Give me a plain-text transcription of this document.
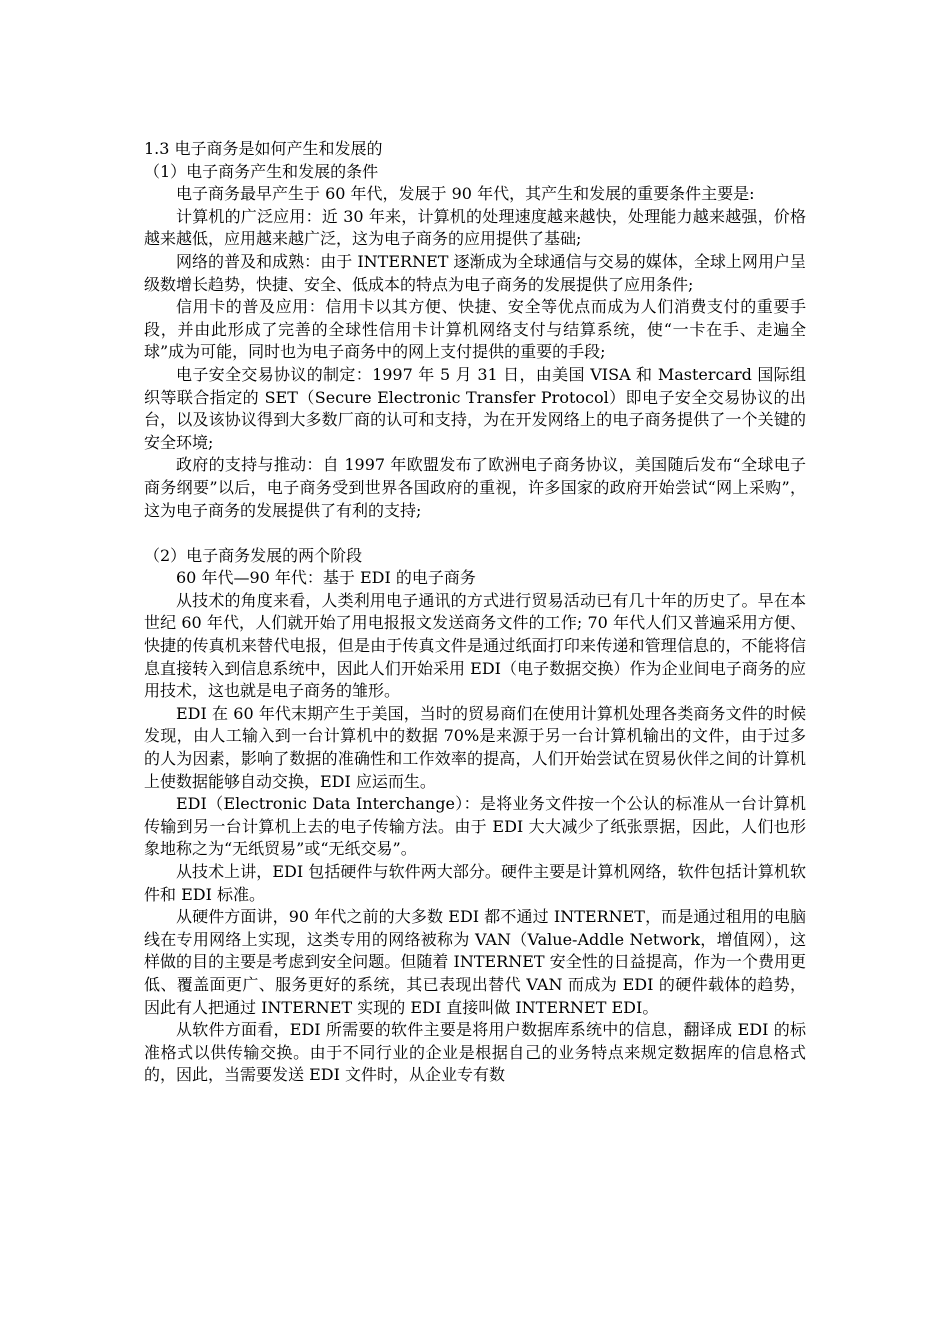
1.3 电子商务是如何产生和发展的

（1）电子商务产生和发展的条件

电子商务最早产生于 60 年代，发展于 90 年代，其产生和发展的重要条件主要是:

计算机的广泛应用：近 30 年来，计算机的处理速度越来越快，处理能力越来越强，价格越来越低，应用越来越广泛，这为电子商务的应用提供了基础;

网络的普及和成熟：由于 INTERNET 逐渐成为全球通信与交易的媒体，全球上网用户呈级数增长趋势，快捷、安全、低成本的特点为电子商务的发展提供了应用条件;

信用卡的普及应用：信用卡以其方便、快捷、安全等优点而成为人们消费支付的重要手段，并由此形成了完善的全球性信用卡计算机网络支付与结算系统，使“一卡在手、走遍全球”成为可能，同时也为电子商务中的网上支付提供的重要的手段;

电子安全交易协议的制定：1997 年 5 月 31 日，由美国 VISA 和 Mastercard 国际组织等联合指定的 SET（Secure Electronic Transfer Protocol）即电子安全交易协议的出台，以及该协议得到大多数厂商的认可和支持，为在开发网络上的电子商务提供了一个关键的安全环境;

政府的支持与推动：自 1997 年欧盟发布了欧洲电子商务协议，美国随后发布“全球电子商务纲要”以后，电子商务受到世界各国政府的重视，许多国家的政府开始尝试“网上采购”，这为电子商务的发展提供了有利的支持;

（2）电子商务发展的两个阶段

60 年代—90 年代：基于 EDI 的电子商务

从技术的角度来看，人类利用电子通讯的方式进行贸易活动已有几十年的历史了。早在本世纪 60 年代，人们就开始了用电报报文发送商务文件的工作; 70 年代人们又普遍采用方便、快捷的传真机来替代电报，但是由于传真文件是通过纸面打印来传递和管理信息的，不能将信息直接转入到信息系统中，因此人们开始采用 EDI（电子数据交换）作为企业间电子商务的应用技术，这也就是电子商务的雏形。

EDI 在 60 年代末期产生于美国，当时的贸易商们在使用计算机处理各类商务文件的时候发现，由人工输入到一台计算机中的数据 70%是来源于另一台计算机输出的文件，由于过多的人为因素，影响了数据的准确性和工作效率的提高，人们开始尝试在贸易伙伴之间的计算机上使数据能够自动交换，EDI 应运而生。

EDI（Electronic Data Interchange）：是将业务文件按一个公认的标准从一台计算机传输到另一台计算机上去的电子传输方法。由于 EDI 大大减少了纸张票据，因此，人们也形象地称之为“无纸贸易”或“无纸交易”。

从技术上讲，EDI 包括硬件与软件两大部分。硬件主要是计算机网络，软件包括计算机软件和 EDI 标准。

从硬件方面讲，90 年代之前的大多数 EDI 都不通过 INTERNET，而是通过租用的电脑线在专用网络上实现，这类专用的网络被称为 VAN（Value-Addle Network，增值网），这样做的目的主要是考虑到安全问题。但随着 INTERNET 安全性的日益提高，作为一个费用更低、覆盖面更广、服务更好的系统，其已表现出替代 VAN 而成为 EDI 的硬件载体的趋势，因此有人把通过 INTERNET 实现的 EDI 直接叫做 INTERNET EDI。

从软件方面看，EDI 所需要的软件主要是将用户数据库系统中的信息，翻译成 EDI 的标准格式以供传输交换。由于不同行业的企业是根据自己的业务特点来规定数据库的信息格式的，因此，当需要发送 EDI 文件时，从企业专有数
